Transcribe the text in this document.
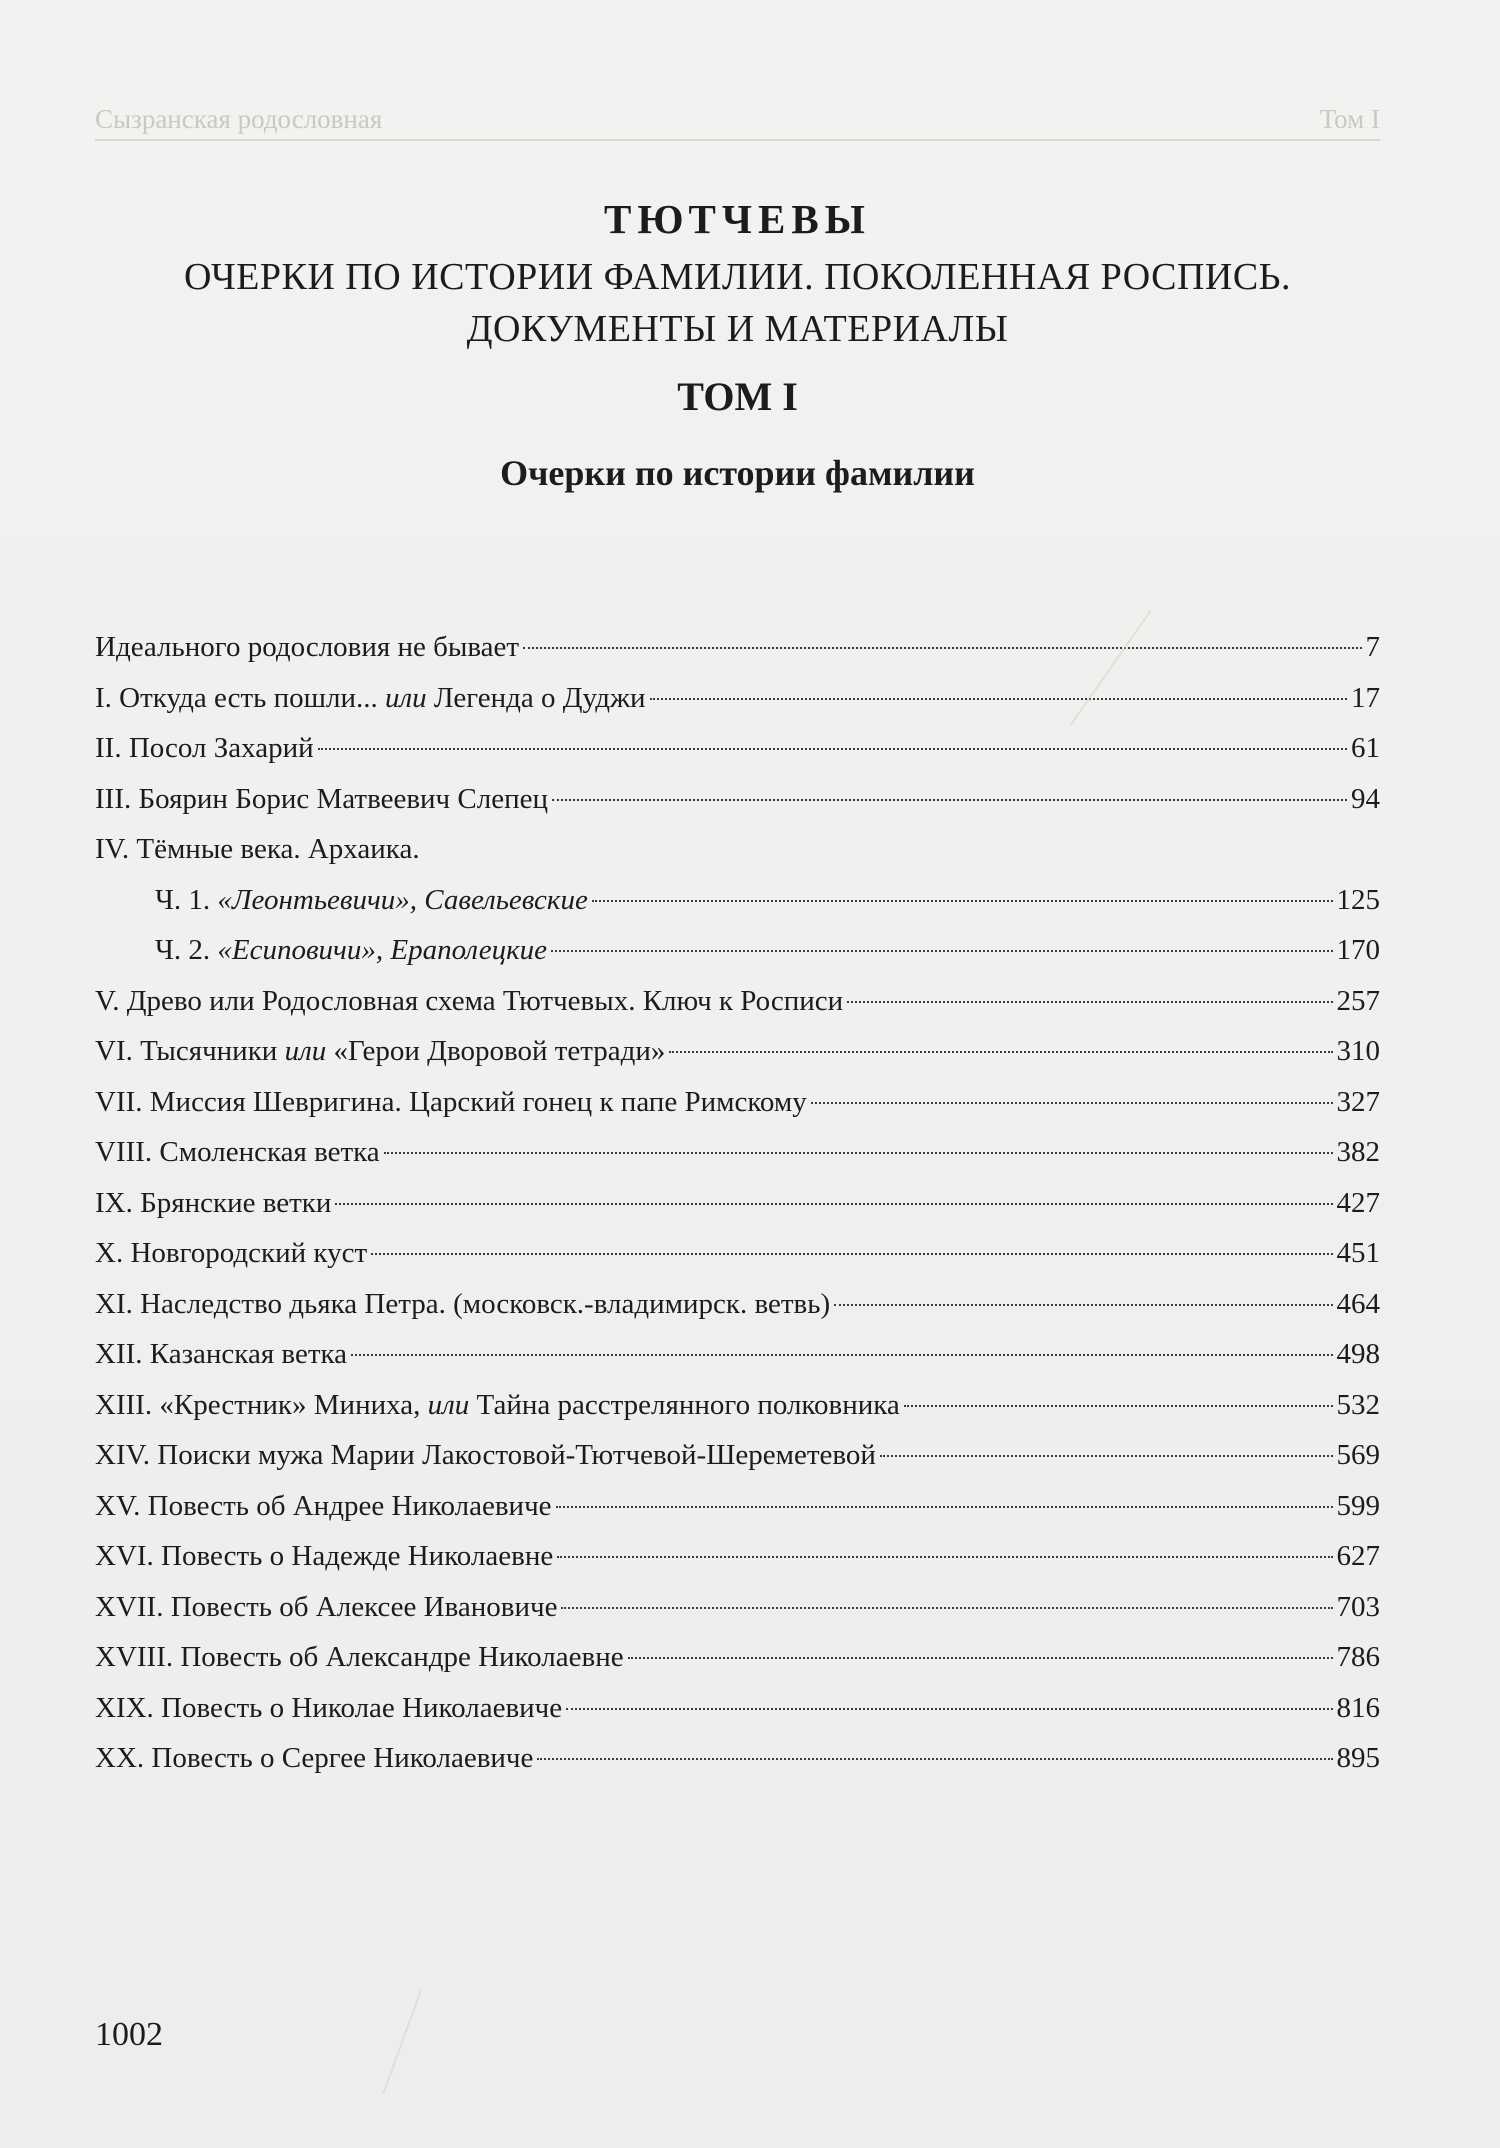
Сызранская родословная	Том I
ТЮТЧЕВЫ

ОЧЕРКИ ПО ИСТОРИИ ФАМИЛИИ. ПОКОЛЕННАЯ РОСПИСЬ.

ДОКУМЕНТЫ И МАТЕРИАЛЫ

ТОМ I

Очерки по истории фамилии

Идеального родословия не бывает	7
I. Откуда есть пошли... или Легенда о Дуджи	17
II. Посол Захарий	61
III. Боярин Борис Матвеевич Слепец	94
IV. Тёмные века. Архаика.
Ч. 1. «Леонтьевичи», Савельевские	125
Ч. 2. «Есиповичи», Ераполецкие	170
V. Древо или Родословная схема Тютчевых. Ключ к Росписи	257
VI. Тысячники или «Герои Дворовой тетради»	310
VII. Миссия Шевригина. Царский гонец к папе Римскому	327
VIII. Смоленская ветка	382
IX. Брянские ветки	427
X. Новгородский куст	451
XI. Наследство дьяка Петра. (московск.-владимирск. ветвь)	464
XII. Казанская ветка	498
XIII. «Крестник» Миниха, или Тайна расстрелянного полковника	532
XIV. Поиски мужа Марии Лакостовой-Тютчевой-Шереметевой	569
XV. Повесть об Андрее Николаевиче	599
XVI. Повесть о Надежде Николаевне	627
XVII. Повесть об Алексее Ивановиче	703
XVIII. Повесть об Александре Николаевне	786
XIX. Повесть о Николае Николаевиче	816
XX. Повесть о Сергее Николаевиче	895
1002
